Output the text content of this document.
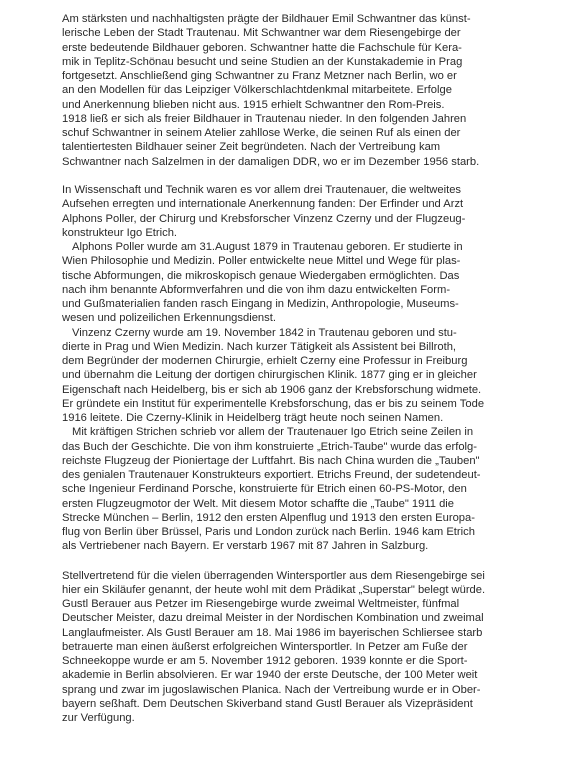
Am stärksten und nachhaltigsten prägte der Bildhauer Emil Schwantner das künst-
lerische Leben der Stadt Trautenau. Mit Schwantner war dem Riesengebirge der
erste bedeutende Bildhauer geboren. Schwantner hatte die Fachschule für Kera-
mik in Teplitz-Schönau besucht und seine Studien an der Kunstakademie in Prag
fortgesetzt. Anschließend ging Schwantner zu Franz Metzner nach Berlin, wo er
an den Modellen für das Leipziger Völkerschlachtdenkmal mitarbeitete. Erfolge
und Anerkennung blieben nicht aus. 1915 erhielt Schwantner den Rom-Preis.
1918 ließ er sich als freier Bildhauer in Trautenau nieder. In den folgenden Jahren
schuf Schwantner in seinem Atelier zahllose Werke, die seinen Ruf als einen der
talentiertesten Bildhauer seiner Zeit begründeten. Nach der Vertreibung kam
Schwantner nach Salzelmen in der damaligen DDR, wo er im Dezember 1956 starb.
In Wissenschaft und Technik waren es vor allem drei Trautenauer, die weltweites
Aufsehen erregten und internationale Anerkennung fanden: Der Erfinder und Arzt
Alphons Poller, der Chirurg und Krebsforscher Vinzenz Czerny und der Flugzeug-
konstrukteur Igo Etrich.
Alphons Poller wurde am 31.August 1879 in Trautenau geboren. Er studierte in
Wien Philosophie und Medizin. Poller entwickelte neue Mittel und Wege für plas-
tische Abformungen, die mikroskopisch genaue Wiedergaben ermöglichten. Das
nach ihm benannte Abformverfahren und die von ihm dazu entwickelten Form-
und Gußmaterialien fanden rasch Eingang in Medizin, Anthropologie, Museums-
wesen und polizeilichen Erkennungsdienst.
Vinzenz Czerny wurde am 19. November 1842 in Trautenau geboren und stu-
dierte in Prag und Wien Medizin. Nach kurzer Tätigkeit als Assistent bei Billroth,
dem Begründer der modernen Chirurgie, erhielt Czerny eine Professur in Freiburg
und übernahm die Leitung der dortigen chirurgischen Klinik. 1877 ging er in gleicher
Eigenschaft nach Heidelberg, bis er sich ab 1906 ganz der Krebsforschung widmete.
Er gründete ein Institut für experimentelle Krebsforschung, das er bis zu seinem Tode
1916 leitete. Die Czerny-Klinik in Heidelberg trägt heute noch seinen Namen.
Mit kräftigen Strichen schrieb vor allem der Trautenauer Igo Etrich seine Zeilen in
das Buch der Geschichte. Die von ihm konstruierte „Etrich-Taube" wurde das erfolg-
reichste Flugzeug der Pioniertage der Luftfahrt. Bis nach China wurden die „Tauben"
des genialen Trautenauer Konstrukteurs exportiert. Etrichs Freund, der sudetendeut-
sche Ingenieur Ferdinand Porsche, konstruierte für Etrich einen 60-PS-Motor, den
ersten Flugzeugmotor der Welt. Mit diesem Motor schaffte die „Taube" 1911 die
Strecke München – Berlin, 1912 den ersten Alpenflug und 1913 den ersten Europa-
flug von Berlin über Brüssel, Paris und London zurück nach Berlin. 1946 kam Etrich
als Vertriebener nach Bayern. Er verstarb 1967 mit 87 Jahren in Salzburg.
Stellvertretend für die vielen überragenden Wintersportler aus dem Riesengebirge sei
hier ein Skiläufer genannt, der heute wohl mit dem Prädikat „Superstar" belegt würde.
Gustl Berauer aus Petzer im Riesengebirge wurde zweimal Weltmeister, fünfmal
Deutscher Meister, dazu dreimal Meister in der Nordischen Kombination und zweimal
Langlaufmeister. Als Gustl Berauer am 18. Mai 1986 im bayerischen Schliersee starb
betrauerte man einen äußerst erfolgreichen Wintersportler. In Petzer am Fuße der
Schneekoppe wurde er am 5. November 1912 geboren. 1939 konnte er die Sport-
akademie in Berlin absolvieren. Er war 1940 der erste Deutsche, der 100 Meter weit
sprang und zwar im jugoslawischen Planica. Nach der Vertreibung wurde er in Ober-
bayern seßhaft. Dem Deutschen Skiverband stand Gustl Berauer als Vizepräsident
zur Verfügung.
